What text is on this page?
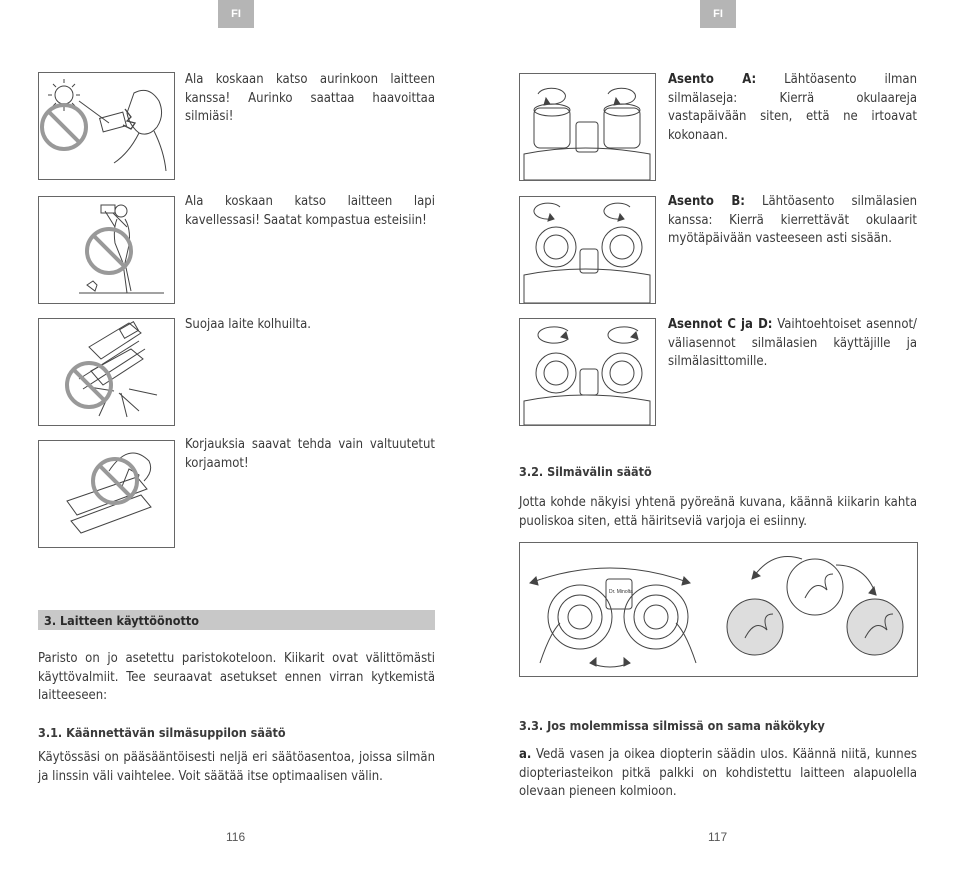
FI	FI
Ala koskaan katso aurinkoon laitteen kanssa! Aurinko saattaa haavoittaa silmiäsi!
Ala koskaan katso laitteen lapi kavellessasi! Saatat kompastua esteisiin!
Suojaa laite kolhuilta.
Korjauksia saavat tehda vain valtuutetut korjaamot!
3. Laitteen käyttöönotto
Paristo on jo asetettu paristokoteloon. Kiikarit ovat välittömästi käyttövalmiit. Tee seuraavat asetukset ennen virran kytkemistä laitteeseen:
3.1. Käännettävän silmäsuppilon säätö
Käytössäsi on pääsääntöisesti neljä eri säätöasentoa, joissa silmän ja linssin väli vaihtelee. Voit säätää itse optimaalisen välin.
116
Asento A: Lähtöasento ilman silmälaseja: Kierrä okulaareja vastapäivään siten, että ne irtoavat kokonaan.
Asento B: Lähtöasento silmälasien kanssa: Kierrä kierrettävät okulaarit myötäpäivään vasteeseen asti sisään.
Asennot C ja D: Vaihtoehtoiset asennot/ väliasennot silmälasien käyttäjille ja silmälasittomille.
3.2. Silmävälin säätö
Jotta kohde näkyisi yhtenä pyöreänä kuvana, käännä kiikarin kahta puoliskoa siten, että häiritseviä varjoja ei esiinny.
Dr. Minolta
3.3. Jos molemmissa silmissä on sama näkökyky
a. Vedä vasen ja oikea diopterin säädin ulos. Käännä niitä, kunnes diopteriasteikon pitkä palkki on kohdistettu laitteen alapuolella olevaan pieneen kolmioon.
117
